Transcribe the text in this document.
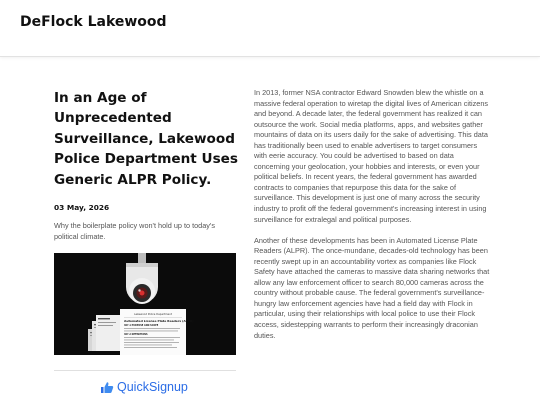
DeFlock Lakewood
In an Age of Unprecedented Surveillance, Lakewood Police Department Uses Generic ALPR Policy.
03 May, 2026
Why the boilerplate policy won't hold up to today's political climate.
Lakewood Police Department
Automated License Plate Readers (ALPR)
407.1 PURPOSE AND SCOPE
407.2 DEFINITIONS
QuickSignup

In 2013, former NSA contractor Edward Snowden blew the whistle on a massive federal operation to wiretap the digital lives of American citizens and beyond. A decade later, the federal government has realized it can outsource the work. Social media platforms, apps, and websites gather mountains of data on its users daily for the sake of advertising. This data has traditionally been used to enable advertisers to target consumers with eerie accuracy. You could be advertised to based on data concerning your geolocation, your hobbies and interests, or even your political beliefs. In recent years, the federal government has awarded contracts to companies that repurpose this data for the sake of surveillance. This development is just one of many across the security industry to profit off the federal government's increasing interest in using surveillance for extralegal and political purposes.

Another of these developments has been in Automated License Plate Readers (ALPR). The once-mundane, decades-old technology has been recently swept up in an accountability vortex as companies like Flock Safety have attached the cameras to massive data sharing networks that allow any law enforcement officer to search 80,000 cameras across the country without probable cause. The federal government's surveillance-hungry law enforcement agencies have had a field day with Flock in particular, using their relationships with local police to use their Flock access, sidestepping warrants to perform their increasingly draconian duties.
